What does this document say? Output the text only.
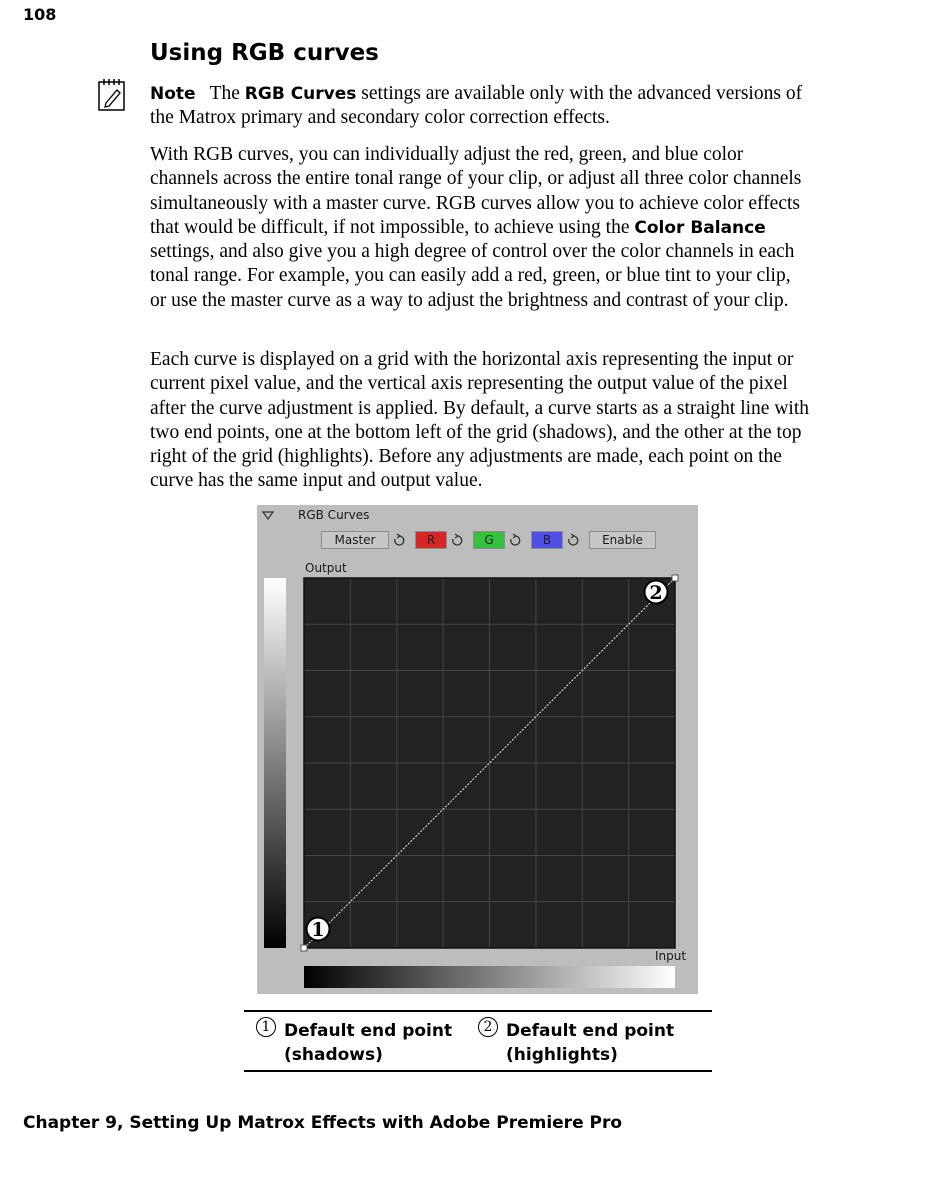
108
Using RGB curves

Note The RGB Curves settings are available only with the advanced versions of the Matrox primary and secondary color correction effects.

With RGB curves, you can individually adjust the red, green, and blue color channels across the entire tonal range of your clip, or adjust all three color channels simultaneously with a master curve. RGB curves allow you to achieve color effects that would be difficult, if not impossible, to achieve using the Color Balance settings, and also give you a high degree of control over the color channels in each tonal range. For example, you can easily add a red, green, or blue tint to your clip, or use the master curve as a way to adjust the brightness and contrast of your clip.

Each curve is displayed on a grid with the horizontal axis representing the input or current pixel value, and the vertical axis representing the output value of the pixel after the curve adjustment is applied. By default, a curve starts as a straight line with two end points, one at the bottom left of the grid (shadows), and the other at the top right of the grid (highlights). Before any adjustments are made, each point on the curve has the same input and output value.

RGB Curves
Master	R	G	B	Enable
Output
1
2
Input
1 Default end point
(shadows)
2 Default end point
(highlights)
Chapter 9, Setting Up Matrox Effects with Adobe Premiere Pro
